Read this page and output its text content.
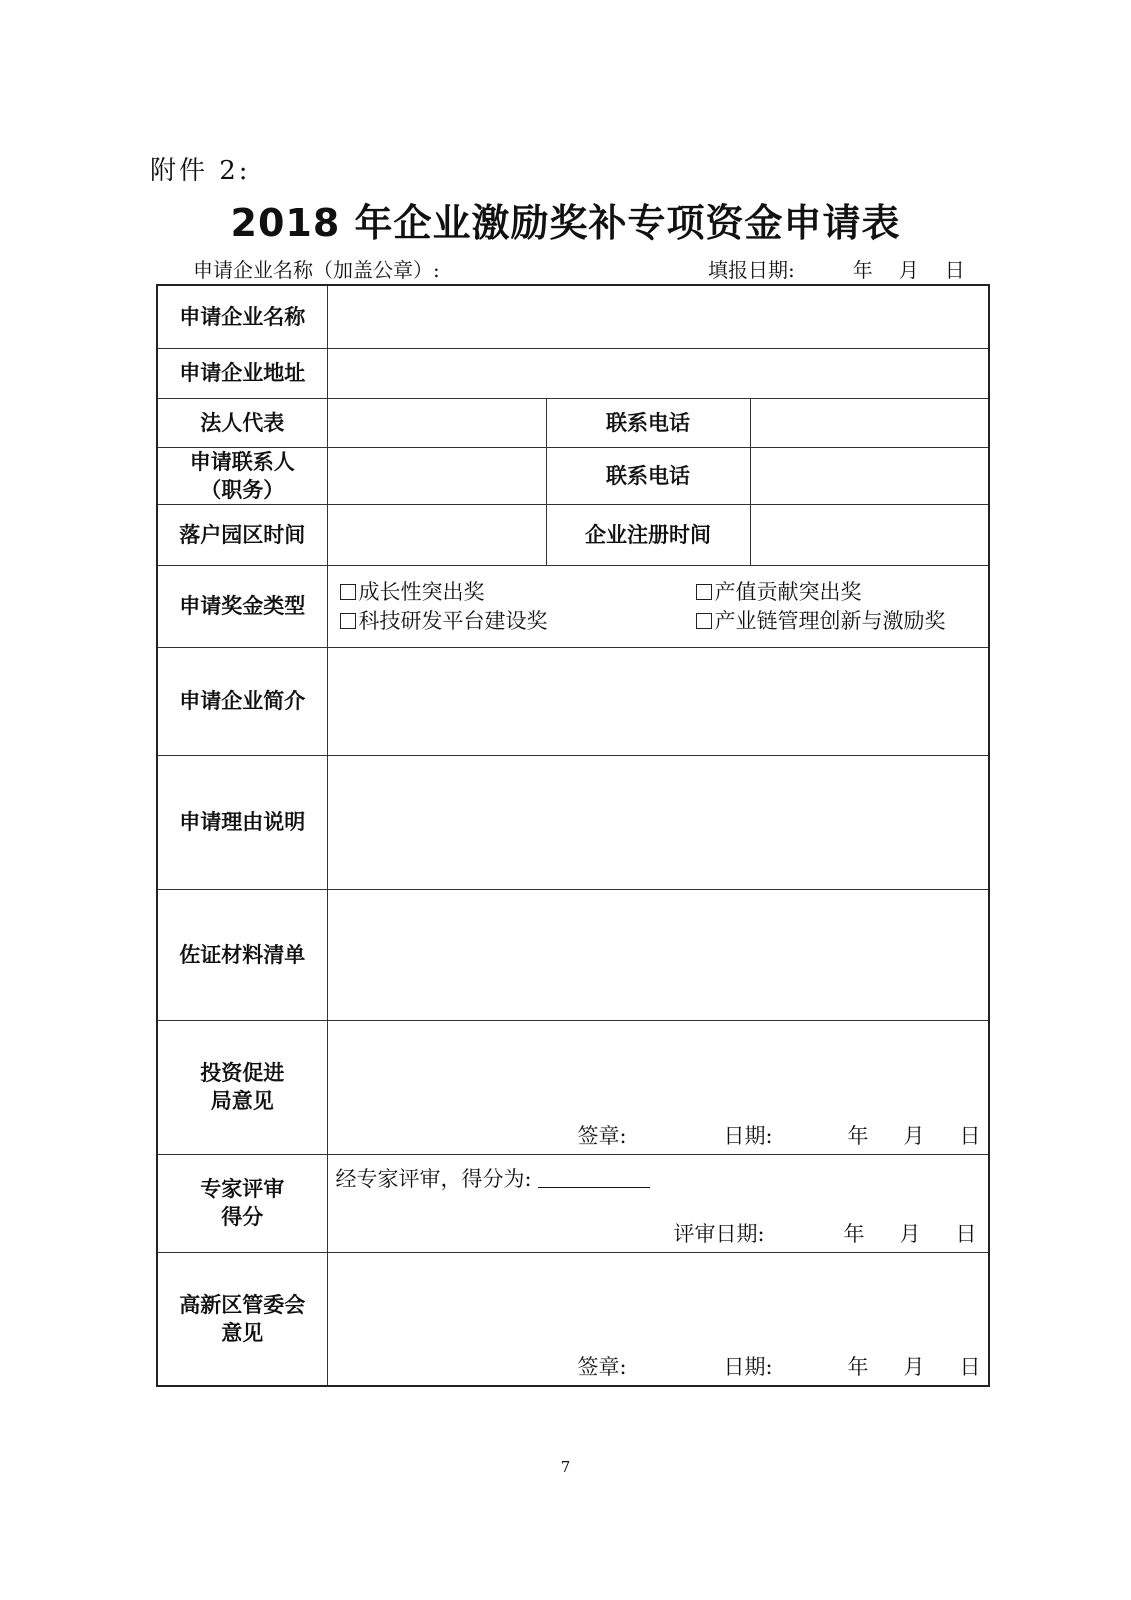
附件 2:
2018 年企业激励奖补专项资金申请表
申请企业名称（加盖公章）:	填报日期:	年 月 日
申请企业名称			
申请企业地址			
法人代表		联系电话	
申请联系人（职务）		联系电话	
落户园区时间		企业注册时间	
申请奖金类型	成长性突出奖 产值贡献突出奖
科技研发平台建设奖 产业链管理创新与激励奖		

申请企业简介			
申请理由说明			
佐证材料清单			
投资促进局意见	签章: 日期: 年 月 日		

专家评审得分	经专家评审，得分为:
评审日期: 年 月 日		

高新区管委会意见	签章: 日期: 年 月 日		
7
